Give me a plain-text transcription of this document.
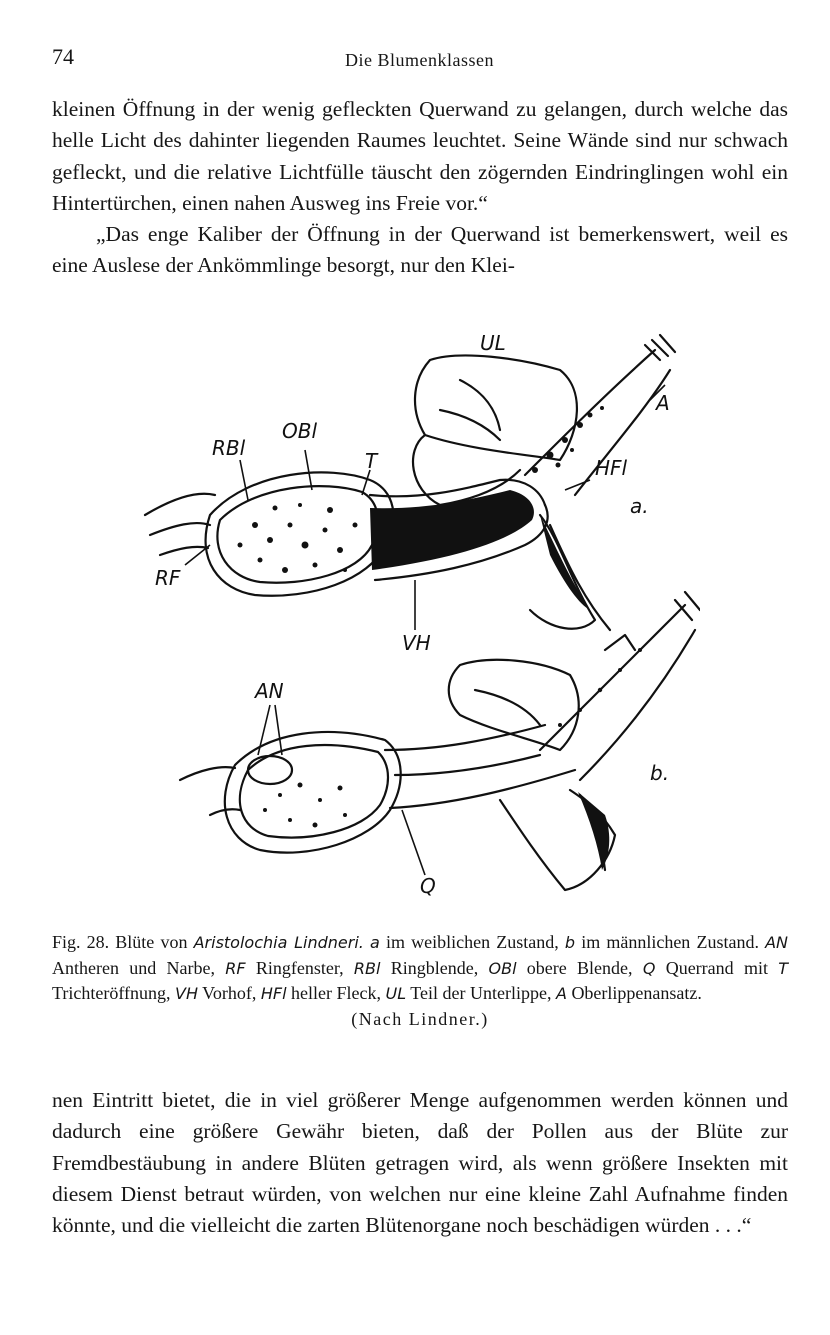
74	Die Blumenklassen

kleinen Öffnung in der wenig gefleckten Querwand zu gelangen, durch welche das helle Licht des dahinter liegenden Raumes leuchtet. Seine Wände sind nur schwach gefleckt, und die relative Lichtfülle täuscht den zögernden Eindringlingen wohl ein Hintertürchen, einen nahen Ausweg ins Freie vor.“

„Das enge Kaliber der Öffnung in der Querwand ist bemerkenswert, weil es eine Auslese der Ankömmlinge besorgt, nur den Klei-

UL
A
RBl
OBl
T	HFl
a.
RF
VH
AN
b.
Q
Fig. 28. Blüte von Aristolochia Lindneri. a im weiblichen Zustand, b im männlichen Zustand. AN Antheren und Narbe, RF Ringfenster, RBl Ringblende, OBl obere Blende, Q Querrand mit T Trichteröffnung, VH Vorhof, HFl heller Fleck, UL Teil der Unterlippe, A Oberlippenansatz.
(Nach Lindner.)

nen Eintritt bietet, die in viel größerer Menge aufgenommen werden können und dadurch eine größere Gewähr bieten, daß der Pollen aus der Blüte zur Fremdbestäubung in andere Blüten getragen wird, als wenn größere Insekten mit diesem Dienst betraut würden, von welchen nur eine kleine Zahl Aufnahme finden könnte, und die vielleicht die zarten Blütenorgane noch beschädigen würden . . .“
